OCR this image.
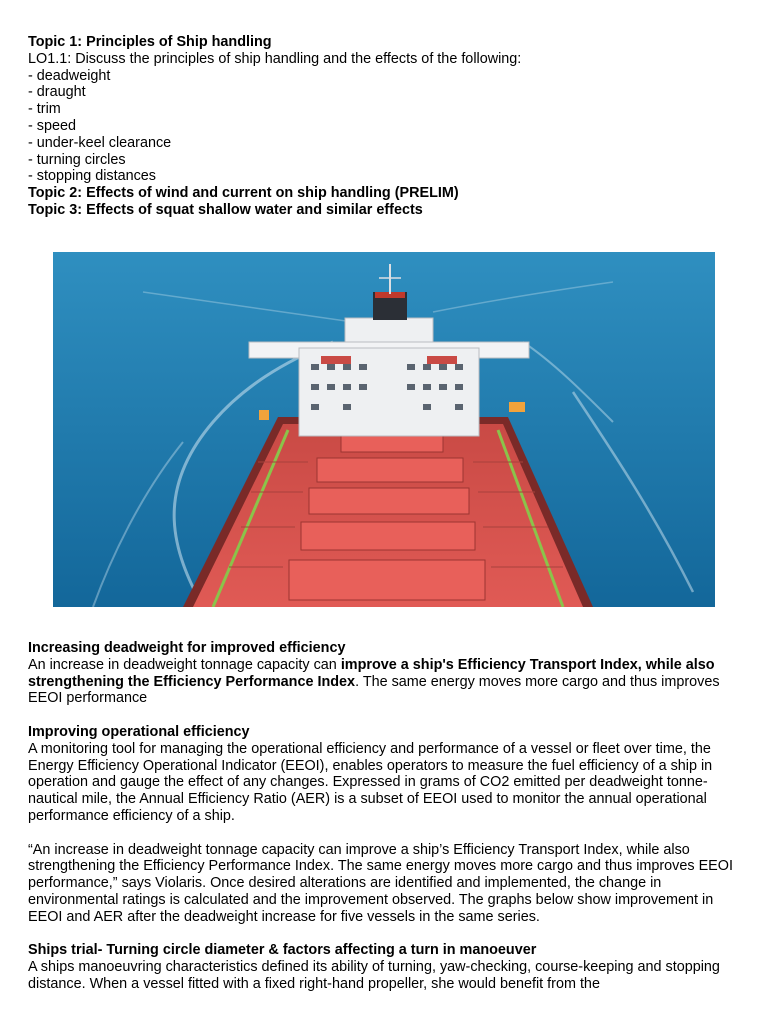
Topic 1: Principles of Ship handling

LO1.1: Discuss the principles of ship handling and the effects of the following:

- deadweight

- draught

- trim

- speed

- under-keel clearance

- turning circles

- stopping distances

Topic 2: Effects of wind and current on ship handling (PRELIM)

Topic 3: Effects of squat shallow water and similar effects

Increasing deadweight for improved efficiency

An increase in deadweight tonnage capacity can improve a ship's Efficiency Transport Index, while also strengthening the Efficiency Performance Index. The same energy moves more cargo and thus improves EEOI performance

Improving operational efficiency

A monitoring tool for managing the operational efficiency and performance of a vessel or fleet over time, the Energy Efficiency Operational Indicator (EEOI), enables operators to measure the fuel efficiency of a ship in operation and gauge the effect of any changes. Expressed in grams of CO2 emitted per deadweight tonne-nautical mile, the Annual Efficiency Ratio (AER) is a subset of EEOI used to monitor the annual operational performance efficiency of a ship.

“An increase in deadweight tonnage capacity can improve a ship’s Efficiency Transport Index, while also strengthening the Efficiency Performance Index. The same energy moves more cargo and thus improves EEOI performance,” says Violaris. Once desired alterations are identified and implemented, the change in environmental ratings is calculated and the improvement observed. The graphs below show improvement in EEOI and AER after the deadweight increase for five vessels in the same series.

Ships trial- Turning circle diameter & factors affecting a turn in manoeuver

A ships manoeuvring characteristics defined its ability of turning, yaw-checking, course-keeping and stopping distance. When a vessel fitted with a fixed right-hand propeller, she would benefit from the
